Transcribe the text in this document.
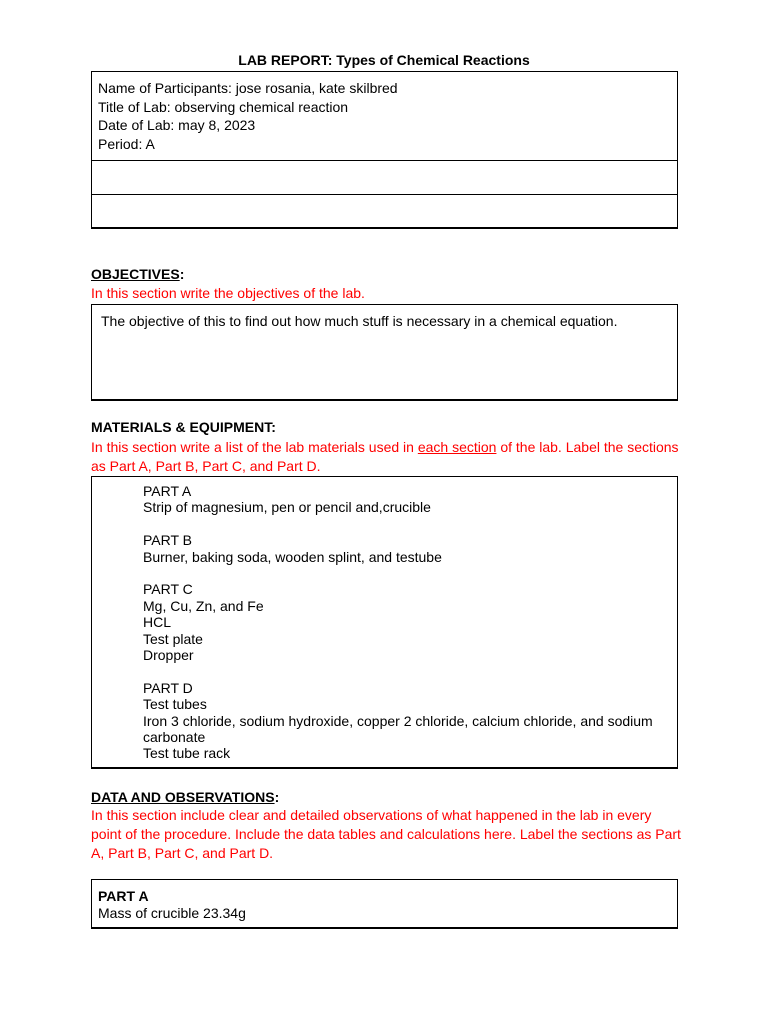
LAB REPORT: Types of Chemical Reactions
Name of Participants: jose rosania, kate skilbred
Title of Lab: observing chemical reaction
Date of Lab: may 8, 2023
Period: A
OBJECTIVES:
In this section write the objectives of the lab.
The objective of this to find out how much stuff is necessary in a chemical equation.
MATERIALS & EQUIPMENT:
In this section write a list of the lab materials used in each section of the lab. Label the sections as Part A, Part B, Part C, and Part D.
PART A
Strip of magnesium, pen or pencil and,crucible
PART B
Burner, baking soda, wooden splint, and testube
PART C
Mg, Cu, Zn, and Fe
HCL
Test plate
Dropper
PART D
Test tubes
Iron 3 chloride, sodium hydroxide, copper 2 chloride, calcium chloride, and sodium carbonate
Test tube rack
DATA AND OBSERVATIONS:
In this section include clear and detailed observations of what happened in the lab in every point of the procedure. Include the data tables and calculations here. Label the sections as Part A, Part B, Part C, and Part D.
PART A
Mass of crucible 23.34g
